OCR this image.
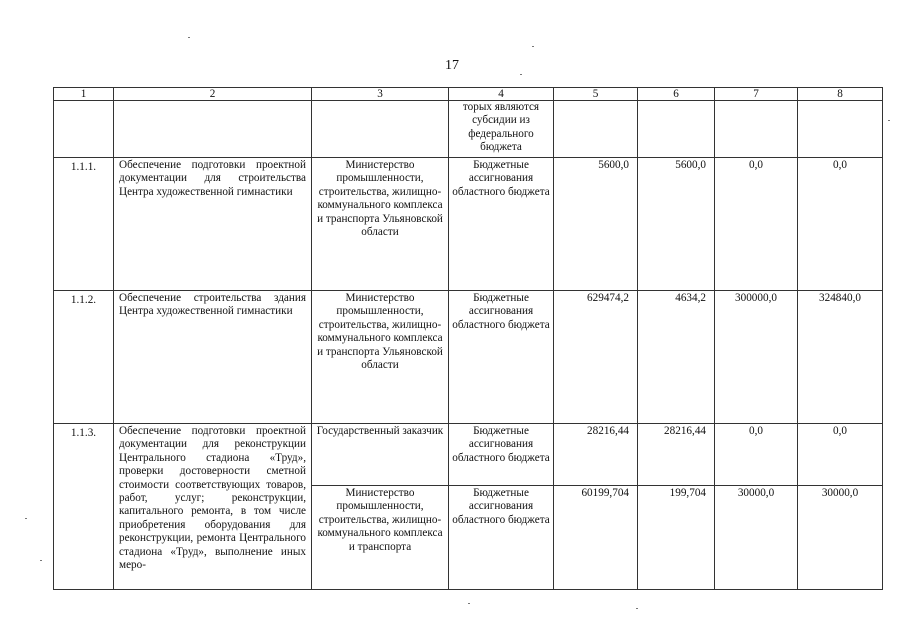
17
1	2	3	4	5	6	7	8
			торых являются субсидии из федерального бюджета				
1.1.1.	Обеспечение подготовки проектной документации для строительства Центра художественной гимнастики	Министерство промышленности, строительства, жилищно-коммунального комплекса и транспорта Ульяновской области	Бюджетные ассигнования областного бюджета	5600,0	5600,0	0,0	0,0
1.1.2.	Обеспечение строительства здания Центра художественной гимнастики	Министерство промышленности, строительства, жилищно-коммунального комплекса и транспорта Ульяновской области	Бюджетные ассигнования областного бюджета	629474,2	4634,2	300000,0	324840,0
1.1.3.	Обеспечение подготовки проектной документации для реконструкции Центрального стадиона «Труд», проверки достоверности сметной стоимости соответствующих товаров, работ, услуг; реконструкции, капитального ремонта, в том числе приобретения оборудования для реконструкции, ремонта Центрального стадиона «Труд», выполнение иных меро-	Государственный заказчик	Бюджетные ассигнования областного бюджета	28216,44	28216,44	0,0	0,0
		Министерство промышленности, строительства, жилищно-коммунального комплекса и транспорта	Бюджетные ассигнования областного бюджета	60199,704	199,704	30000,0	30000,0
